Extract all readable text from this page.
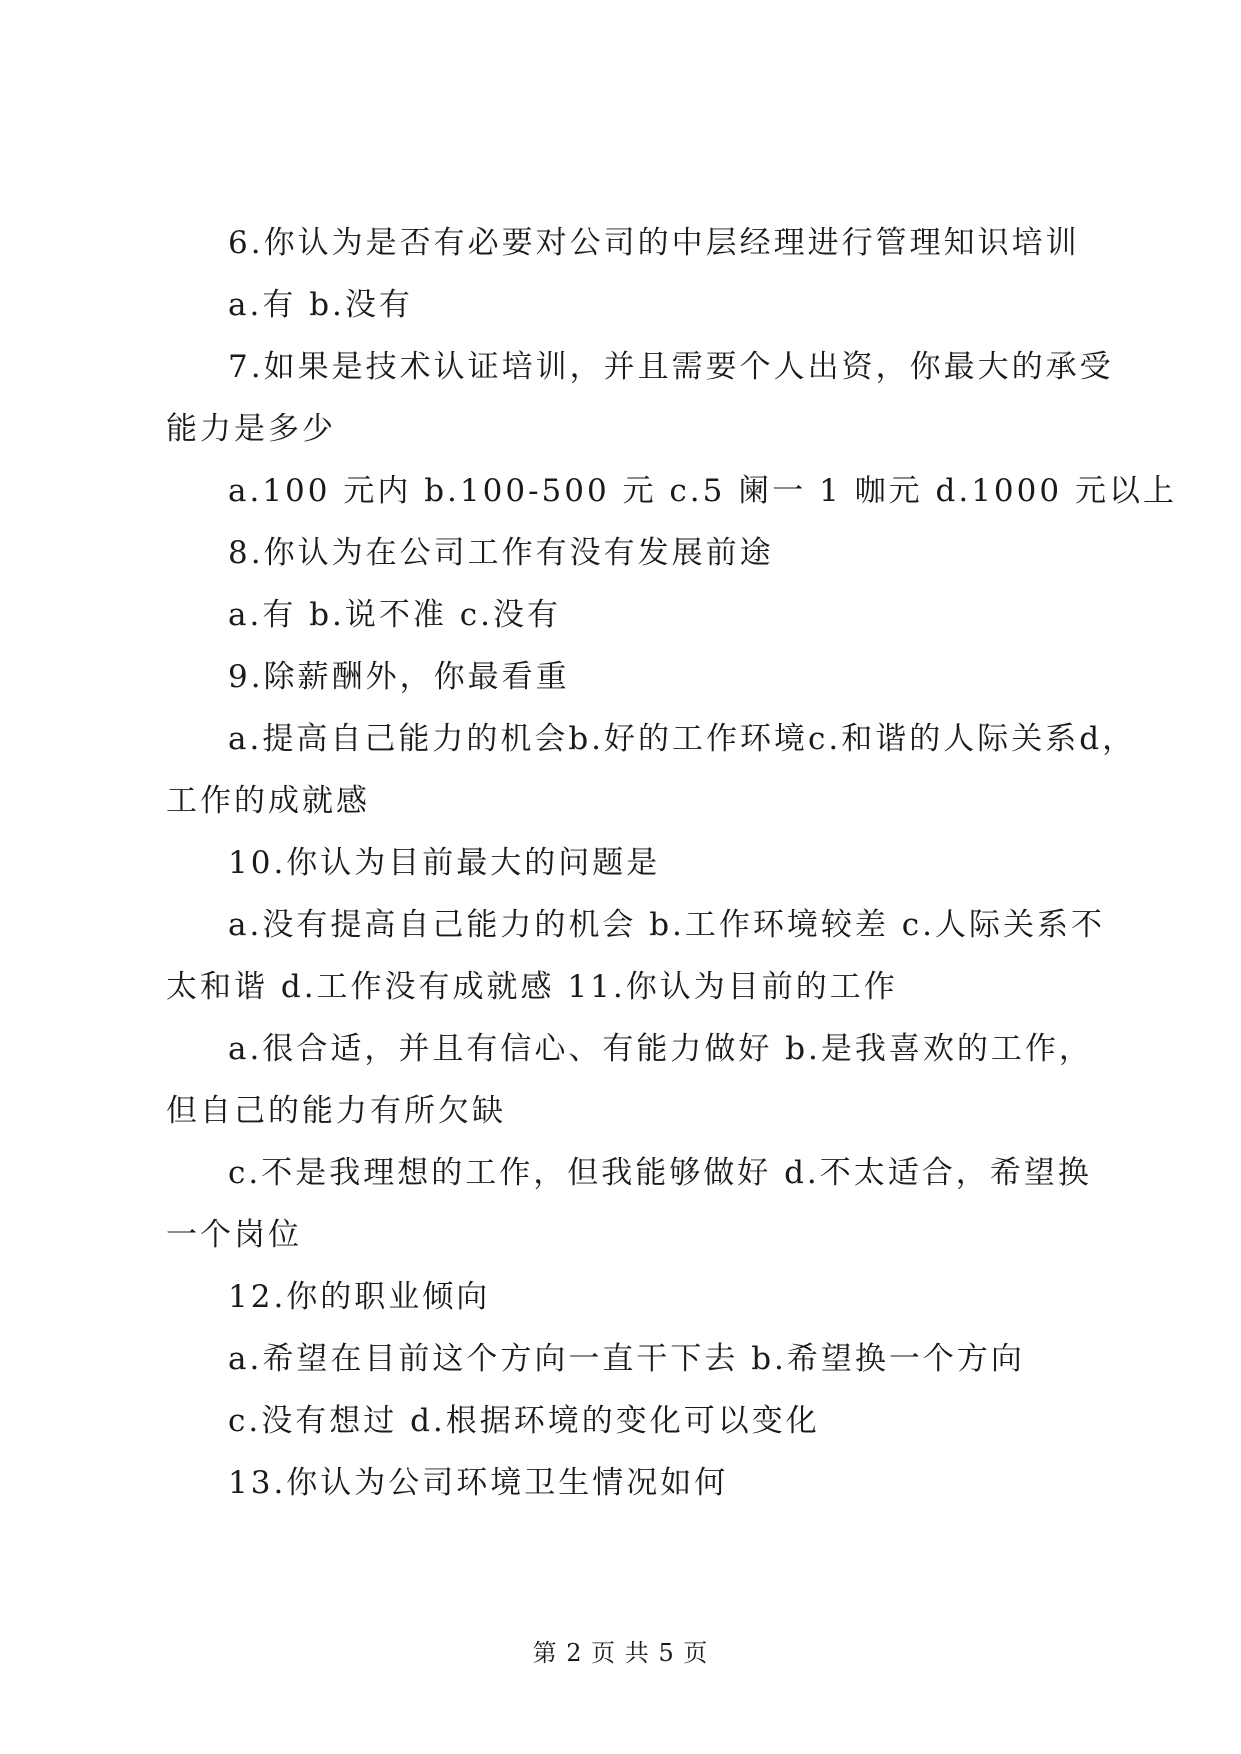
6.你认为是否有必要对公司的中层经理进行管理知识培训
a.有 b.没有
7.如果是技术认证培训，并且需要个人出资，你最大的承受
能力是多少
a.100 元内 b.100-500 元 c.5 阑一 1 咖元 d.1000 元以上
8.你认为在公司工作有没有发展前途
a.有 b.说不准 c.没有
9.除薪酬外，你最看重
a.提高自己能力的机会b.好的工作环境c.和谐的人际关系d，
工作的成就感
10.你认为目前最大的问题是
a.没有提高自己能力的机会 b.工作环境较差 c.人际关系不
太和谐 d.工作没有成就感 11.你认为目前的工作
a.很合适，并且有信心、有能力做好 b.是我喜欢的工作，
但自己的能力有所欠缺
c.不是我理想的工作，但我能够做好 d.不太适合，希望换
一个岗位
12.你的职业倾向
a.希望在目前这个方向一直干下去 b.希望换一个方向
c.没有想过 d.根据环境的变化可以变化
13.你认为公司环境卫生情况如何
第 2 页 共 5 页
